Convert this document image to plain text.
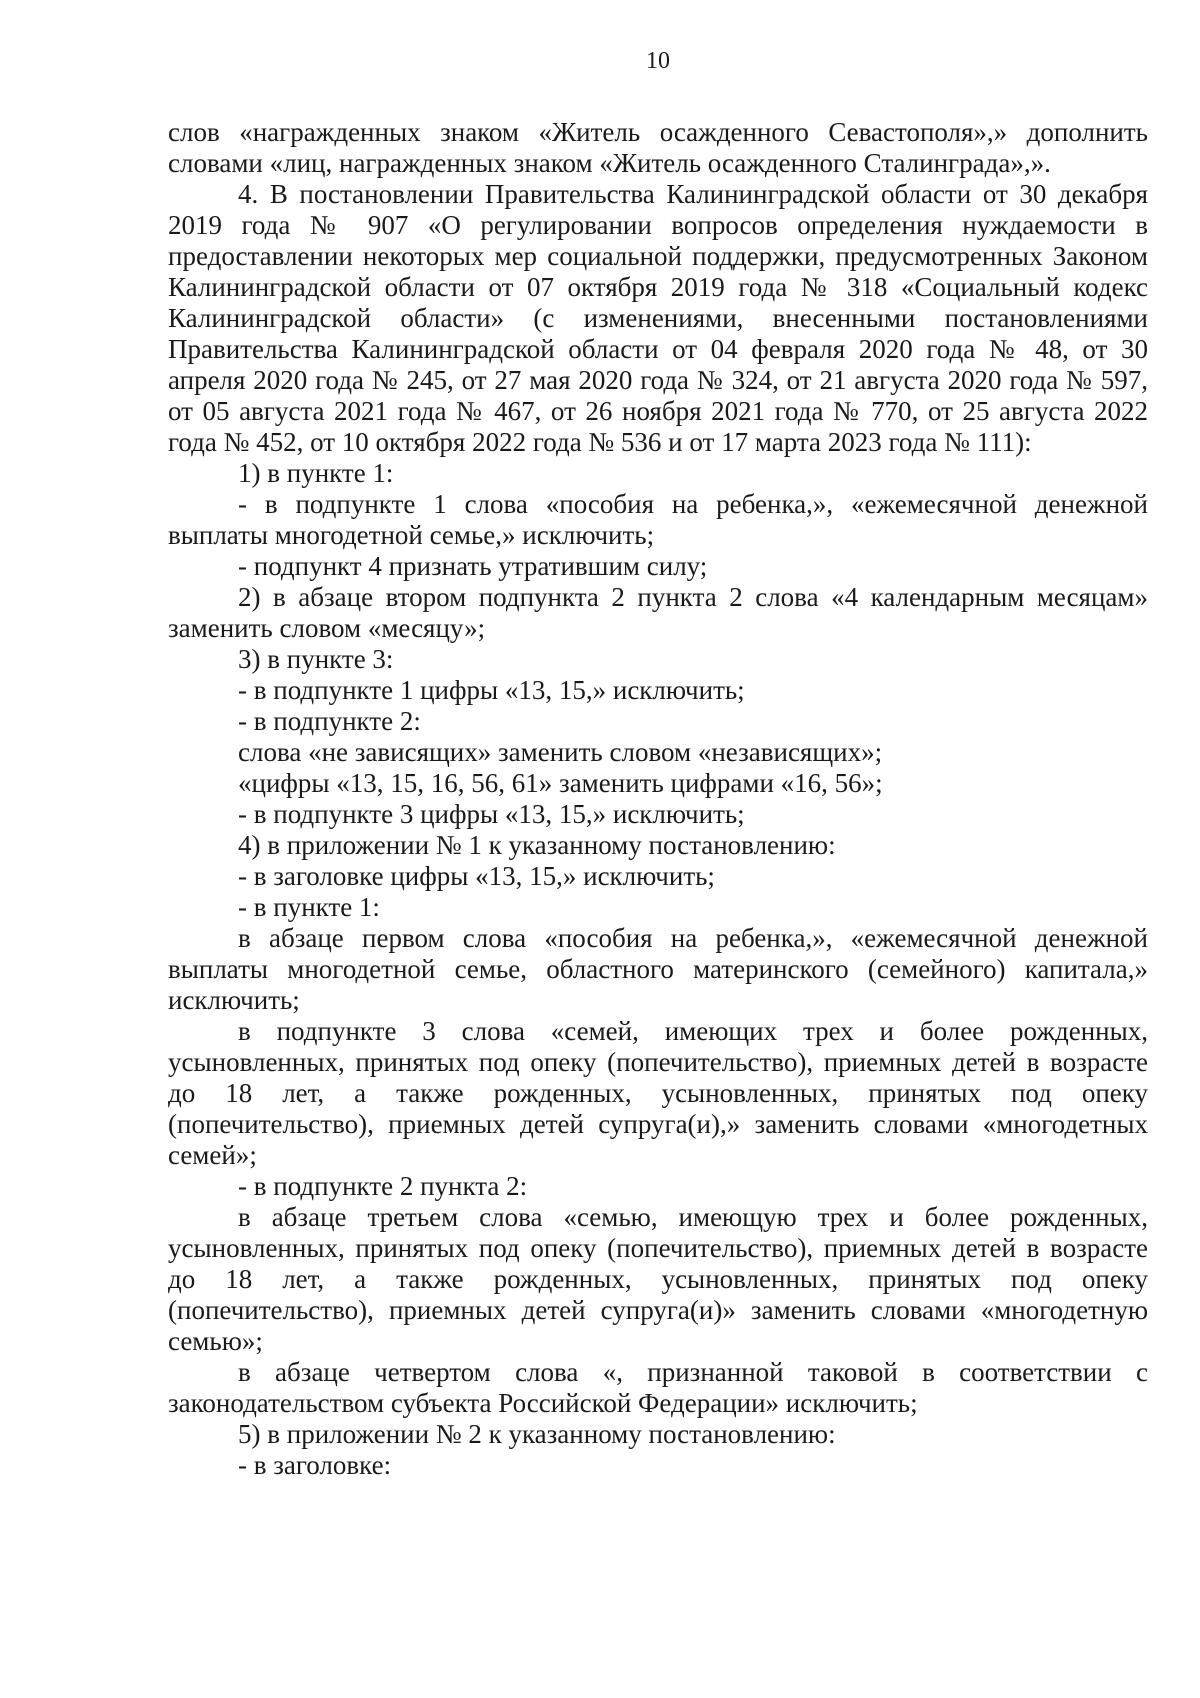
10

слов «награжденных знаком «Житель осажденного Севастополя»,» дополнить словами «лиц, награжденных знаком «Житель осажденного Сталинграда»,».

4. В постановлении Правительства Калининградской области от 30 декабря 2019 года № 907 «О регулировании вопросов определения нуждаемости в предоставлении некоторых мер социальной поддержки, предусмотренных Законом Калининградской области от 07 октября 2019 года № 318 «Социальный кодекс Калининградской области» (с изменениями, внесенными постановлениями Правительства Калининградской области от 04 февраля 2020 года № 48, от 30 апреля 2020 года № 245, от 27 мая 2020 года № 324, от 21 августа 2020 года № 597, от 05 августа 2021 года № 467, от 26 ноября 2021 года № 770, от 25 августа 2022 года № 452, от 10 октября 2022 года № 536 и от 17 марта 2023 года № 111):

1) в пункте 1:

- в подпункте 1 слова «пособия на ребенка,», «ежемесячной денежной выплаты многодетной семье,» исключить;

- подпункт 4 признать утратившим силу;

2) в абзаце втором подпункта 2 пункта 2 слова «4 календарным месяцам» заменить словом «месяцу»;

3) в пункте 3:

- в подпункте 1 цифры «13, 15,» исключить;

- в подпункте 2:

слова «не зависящих» заменить словом «независящих»;

«цифры «13, 15, 16, 56, 61» заменить цифрами «16, 56»;

- в подпункте 3 цифры «13, 15,» исключить;

4) в приложении № 1 к указанному постановлению:

- в заголовке цифры «13, 15,» исключить;

- в пункте 1:

в абзаце первом слова «пособия на ребенка,», «ежемесячной денежной выплаты многодетной семье, областного материнского (семейного) капитала,» исключить;

в подпункте 3 слова «семей, имеющих трех и более рожденных, усыновленных, принятых под опеку (попечительство), приемных детей в возрасте до 18 лет, а также рожденных, усыновленных, принятых под опеку (попечительство), приемных детей супруга(и),» заменить словами «многодетных семей»;

- в подпункте 2 пункта 2:

в абзаце третьем слова «семью, имеющую трех и более рожденных, усыновленных, принятых под опеку (попечительство), приемных детей в возрасте до 18 лет, а также рожденных, усыновленных, принятых под опеку (попечительство), приемных детей супруга(и)» заменить словами «многодетную семью»;

в абзаце четвертом слова «, признанной таковой в соответствии с законодательством субъекта Российской Федерации» исключить;

5) в приложении № 2 к указанному постановлению:

- в заголовке:
